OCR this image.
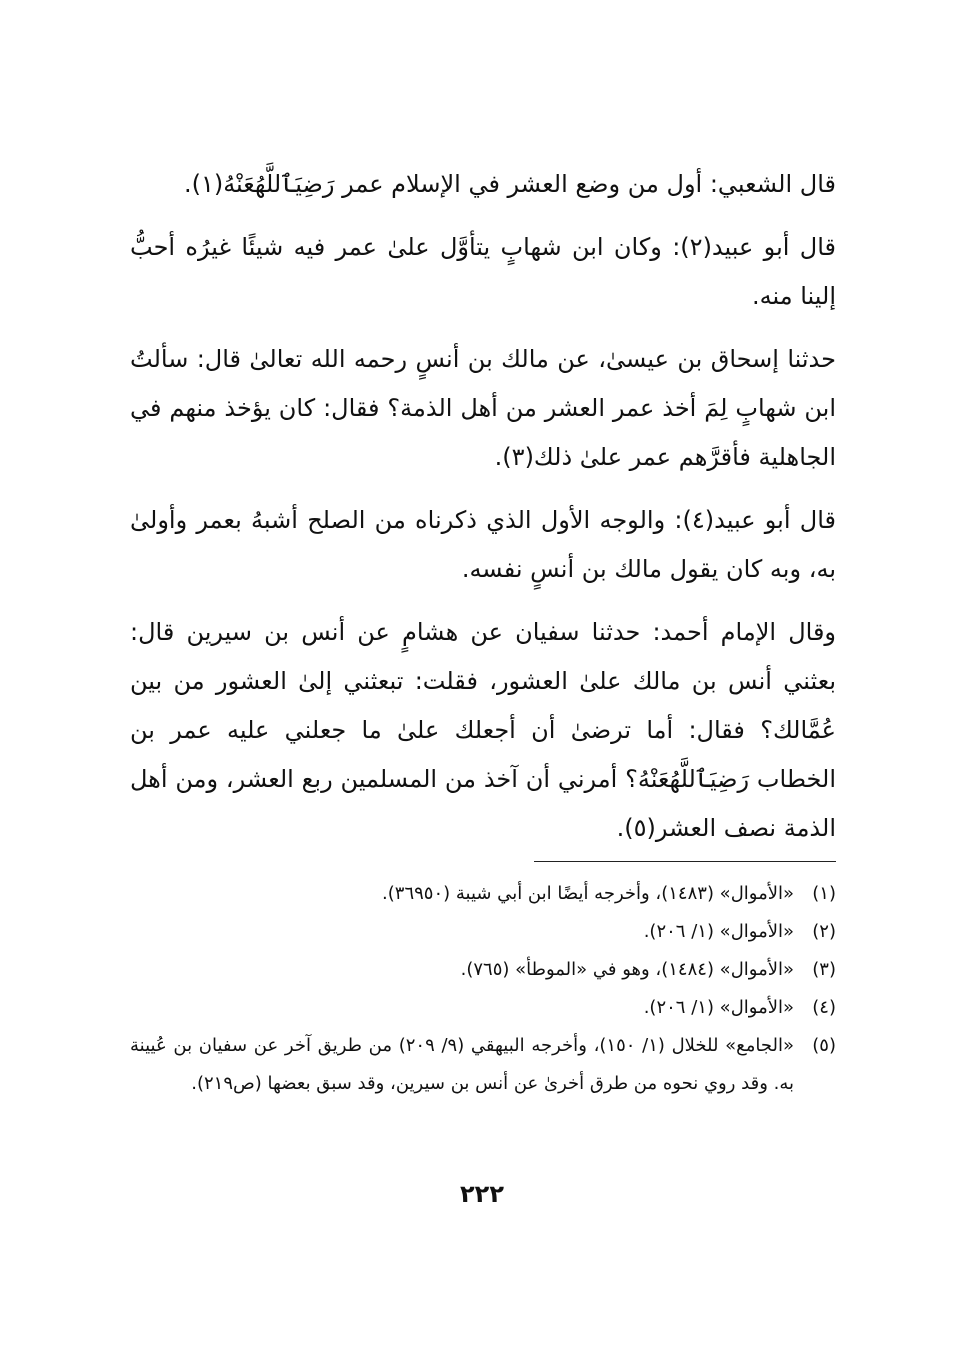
قال الشعبي: أول من وضع العشر في الإسلام عمر رَضِيَٱللَّهُعَنْهُ(١).

قال أبو عبيد(٢): وكان ابن شهابٍ يتأوَّل علىٰ عمر فيه شيئًا غيرُه أحبُّ إلينا منه.

حدثنا إسحاق بن عيسىٰ، عن مالك بن أنسٍ رحمه الله تعالىٰ قال: سألتُ ابن شهابٍ لِمَ أخذ عمر العشر من أهل الذمة؟ فقال: كان يؤخذ منهم في الجاهلية فأقرَّهم عمر علىٰ ذلك(٣).

قال أبو عبيد(٤): والوجه الأول الذي ذكرناه من الصلح أشبهُ بعمر وأولىٰ به، وبه كان يقول مالك بن أنسٍ نفسه.

وقال الإمام أحمد: حدثنا سفيان عن هشامٍ عن أنس بن سيرين قال: بعثني أنس بن مالك علىٰ العشور، فقلت: تبعثني إلىٰ العشور من بين عُمَّالك؟ فقال: أما ترضىٰ أن أجعلك علىٰ ما جعلني عليه عمر بن الخطاب رَضِيَٱللَّهُعَنْهُ؟ أمرني أن آخذ من المسلمين ربع العشر، ومن أهل الذمة نصف العشر(٥).

(١)
«الأموال» (١٤٨٣)، وأخرجه أيضًا ابن أبي شيبة (٣٦٩٥٠).
(٢)
«الأموال» (١/ ٢٠٦).
(٣)
«الأموال» (١٤٨٤)، وهو في «الموطأ» (٧٦٥).
(٤)
«الأموال» (١/ ٢٠٦).
(٥)
«الجامع» للخلال (١/ ١٥٠)، وأخرجه البيهقي (٩/ ٢٠٩) من طريق آخر عن سفيان بن عُيينة به. وقد روي نحوه من طرق أخرىٰ عن أنس بن سيرين، وقد سبق بعضها (ص٢١٩).
٢٢٢
